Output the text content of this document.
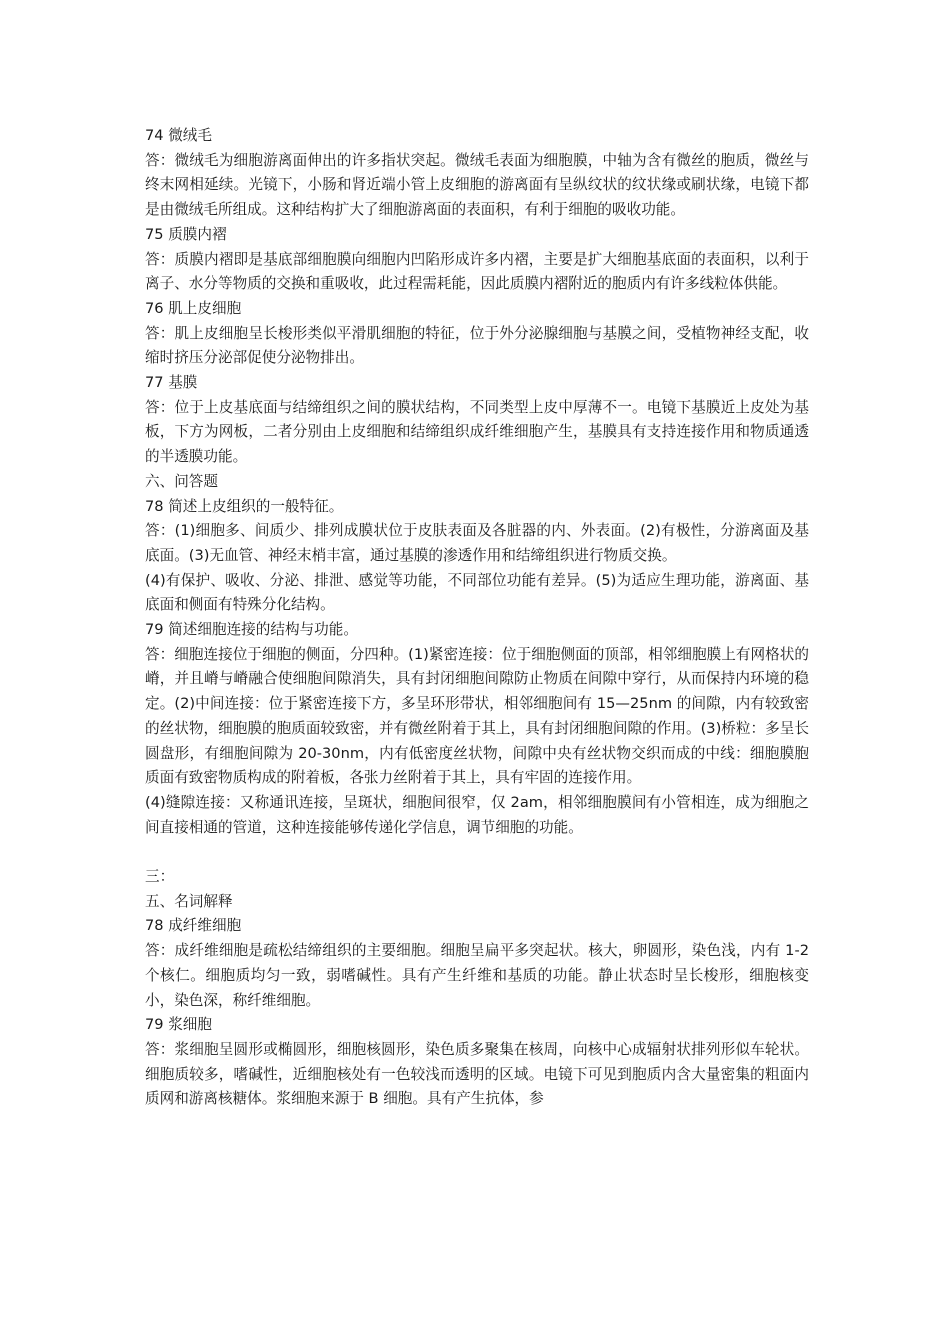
74 微绒毛

答：微绒毛为细胞游离面伸出的许多指状突起。微绒毛表面为细胞膜，中轴为含有微丝的胞质，微丝与终末网相延续。光镜下，小肠和肾近端小管上皮细胞的游离面有呈纵纹状的纹状缘或刷状缘，电镜下都是由微绒毛所组成。这种结构扩大了细胞游离面的表面积，有利于细胞的吸收功能。

75 质膜内褶

答：质膜内褶即是基底部细胞膜向细胞内凹陷形成许多内褶，主要是扩大细胞基底面的表面积，以利于离子、水分等物质的交换和重吸收，此过程需耗能，因此质膜内褶附近的胞质内有许多线粒体供能。

76 肌上皮细胞

答：肌上皮细胞呈长梭形类似平滑肌细胞的特征，位于外分泌腺细胞与基膜之间，受植物神经支配，收缩时挤压分泌部促使分泌物排出。

77 基膜

答：位于上皮基底面与结缔组织之间的膜状结构，不同类型上皮中厚薄不一。电镜下基膜近上皮处为基板，下方为网板，二者分别由上皮细胞和结缔组织成纤维细胞产生，基膜具有支持连接作用和物质通透的半透膜功能。

六、问答题

78 简述上皮组织的一般特征。

答：(1)细胞多、间质少、排列成膜状位于皮肤表面及各脏器的内、外表面。(2)有极性，分游离面及基底面。(3)无血管、神经末梢丰富，通过基膜的渗透作用和结缔组织进行物质交换。

(4)有保护、吸收、分泌、排泄、感觉等功能，不同部位功能有差异。(5)为适应生理功能，游离面、基底面和侧面有特殊分化结构。

79 简述细胞连接的结构与功能。

答：细胞连接位于细胞的侧面，分四种。(1)紧密连接：位于细胞侧面的顶部，相邻细胞膜上有网格状的嵴，并且嵴与嵴融合使细胞间隙消失，具有封闭细胞间隙防止物质在间隙中穿行，从而保持内环境的稳定。(2)中间连接：位于紧密连接下方，多呈环形带状，相邻细胞间有 15—25nm 的间隙，内有较致密的丝状物，细胞膜的胞质面较致密，并有微丝附着于其上，具有封闭细胞间隙的作用。(3)桥粒：多呈长圆盘形，有细胞间隙为 20-30nm，内有低密度丝状物，间隙中央有丝状物交织而成的中线：细胞膜胞质面有致密物质构成的附着板，各张力丝附着于其上，具有牢固的连接作用。

(4)缝隙连接：又称通讯连接，呈斑状，细胞间很窄，仅 2am，相邻细胞膜间有小管相连，成为细胞之间直接相通的管道，这种连接能够传递化学信息，调节细胞的功能。

三：

五、名词解释

78 成纤维细胞

答：成纤维细胞是疏松结缔组织的主要细胞。细胞呈扁平多突起状。核大，卵圆形，染色浅，内有 1-2 个核仁。细胞质均匀一致，弱嗜碱性。具有产生纤维和基质的功能。静止状态时呈长梭形，细胞核变小，染色深，称纤维细胞。

79 浆细胞

答：浆细胞呈圆形或椭圆形，细胞核圆形，染色质多聚集在核周，向核中心成辐射状排列形似车轮状。细胞质较多，嗜碱性，近细胞核处有一色较浅而透明的区域。电镜下可见到胞质内含大量密集的粗面内质网和游离核糖体。浆细胞来源于 B 细胞。具有产生抗体，参
